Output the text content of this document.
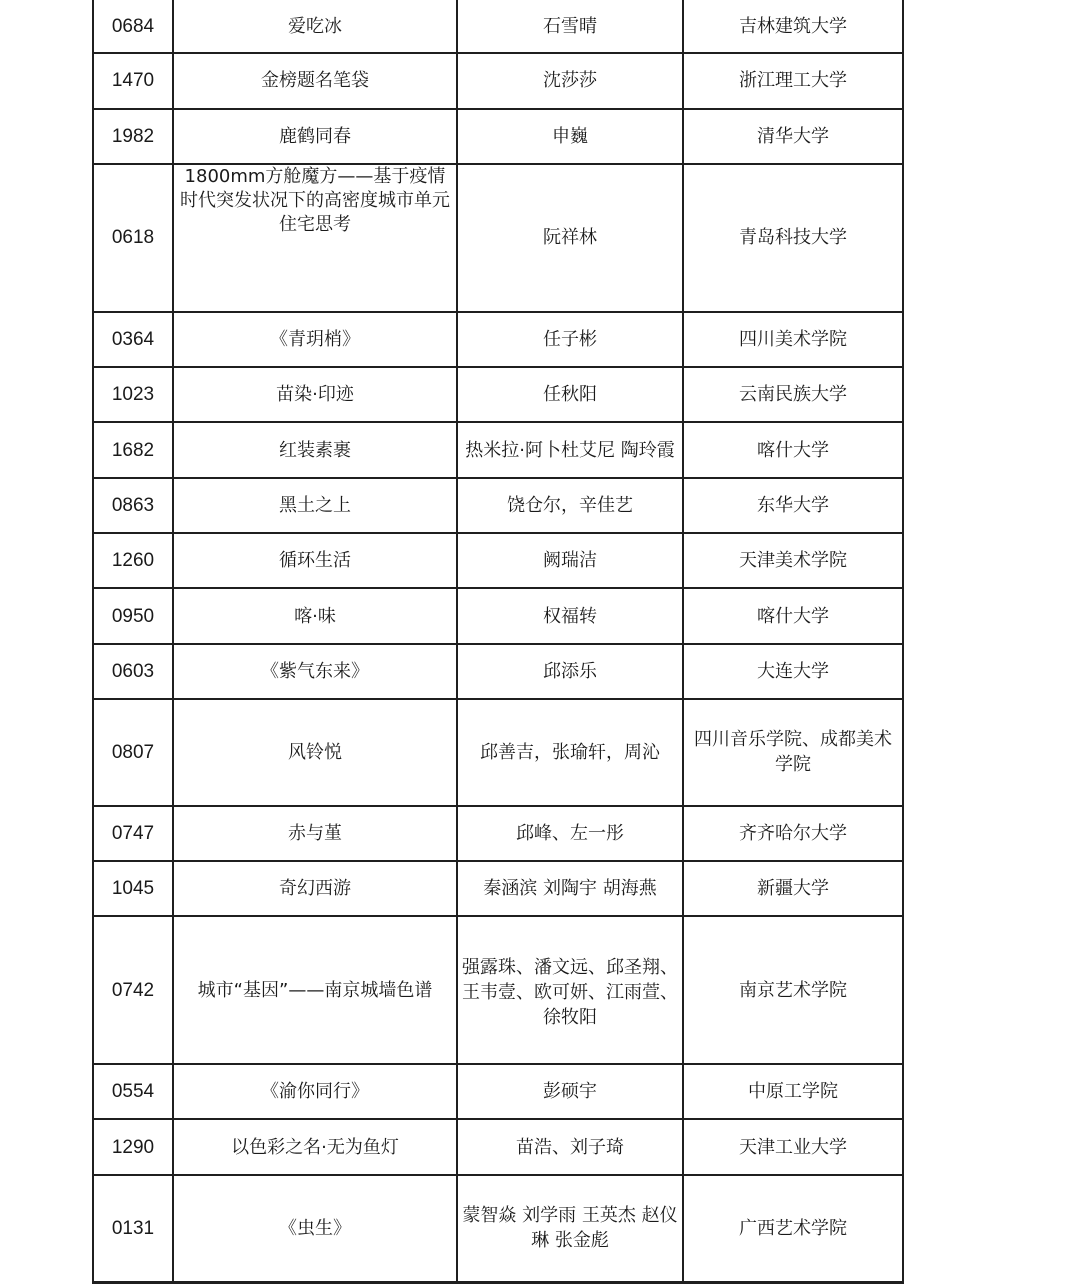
0684	爱吃冰	石雪晴	吉林建筑大学
1470	金榜题名笔袋	沈莎莎	浙江理工大学
1982	鹿鹤同春	申巍	清华大学
0618	1800mm方舱魔方——基于疫情时代突发状况下的高密度城市单元住宅思考	阮祥林	青岛科技大学
0364	《青玥梢》	任子彬	四川美术学院
1023	苗染·印迹	任秋阳	云南民族大学
1682	红装素裹	热米拉·阿卜杜艾尼 陶玲霞	喀什大学
0863	黑土之上	饶仓尔，辛佳艺	东华大学
1260	循环生活	阙瑞洁	天津美术学院
0950	喀·味	权福转	喀什大学
0603	《紫气东来》	邱添乐	大连大学
0807	风铃悦	邱善吉，张瑜轩，周沁	四川音乐学院、成都美术学院
0747	赤与堇	邱峰、左一彤	齐齐哈尔大学
1045	奇幻西游	秦涵滨 刘陶宇 胡海燕	新疆大学
0742	城市“基因”——南京城墙色谱	强露珠、潘文远、邱圣翔、王韦壹、欧可妍、江雨萱、徐牧阳	南京艺术学院
0554	《渝你同行》	彭硕宇	中原工学院
1290	以色彩之名·无为鱼灯	苗浩、刘子琦	天津工业大学
0131	《虫生》	蒙智焱 刘学雨 王英杰 赵仪琳 张金彪	广西艺术学院
